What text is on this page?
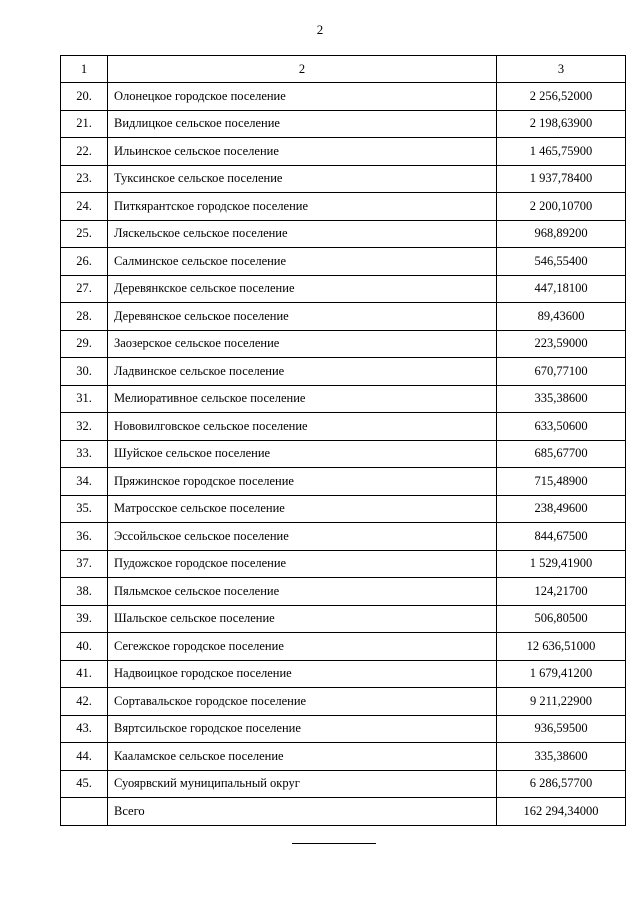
2
1	2	3
20.	Олонецкое городское поселение	2 256,52000
21.	Видлицкое сельское поселение	2 198,63900
22.	Ильинское сельское поселение	1 465,75900
23.	Туксинское сельское поселение	1 937,78400
24.	Питкярантское городское поселение	2 200,10700
25.	Ляскельское сельское поселение	968,89200
26.	Салминское сельское поселение	546,55400
27.	Деревянкское сельское поселение	447,18100
28.	Деревянское сельское поселение	89,43600
29.	Заозерское сельское поселение	223,59000
30.	Ладвинское сельское поселение	670,77100
31.	Мелиоративное сельское поселение	335,38600
32.	Нововилговское сельское поселение	633,50600
33.	Шуйское сельское поселение	685,67700
34.	Пряжинское городское поселение	715,48900
35.	Матросское сельское поселение	238,49600
36.	Эссойльское сельское поселение	844,67500
37.	Пудожское городское поселение	1 529,41900
38.	Пяльмское сельское поселение	124,21700
39.	Шальское сельское поселение	506,80500
40.	Сегежское городское поселение	12 636,51000
41.	Надвоицкое городское поселение	1 679,41200
42.	Сортавальское городское поселение	9 211,22900
43.	Вяртсильское городское поселение	936,59500
44.	Кааламское сельское поселение	335,38600
45.	Суоярвский муниципальный округ	6 286,57700
	Всего	162 294,34000
